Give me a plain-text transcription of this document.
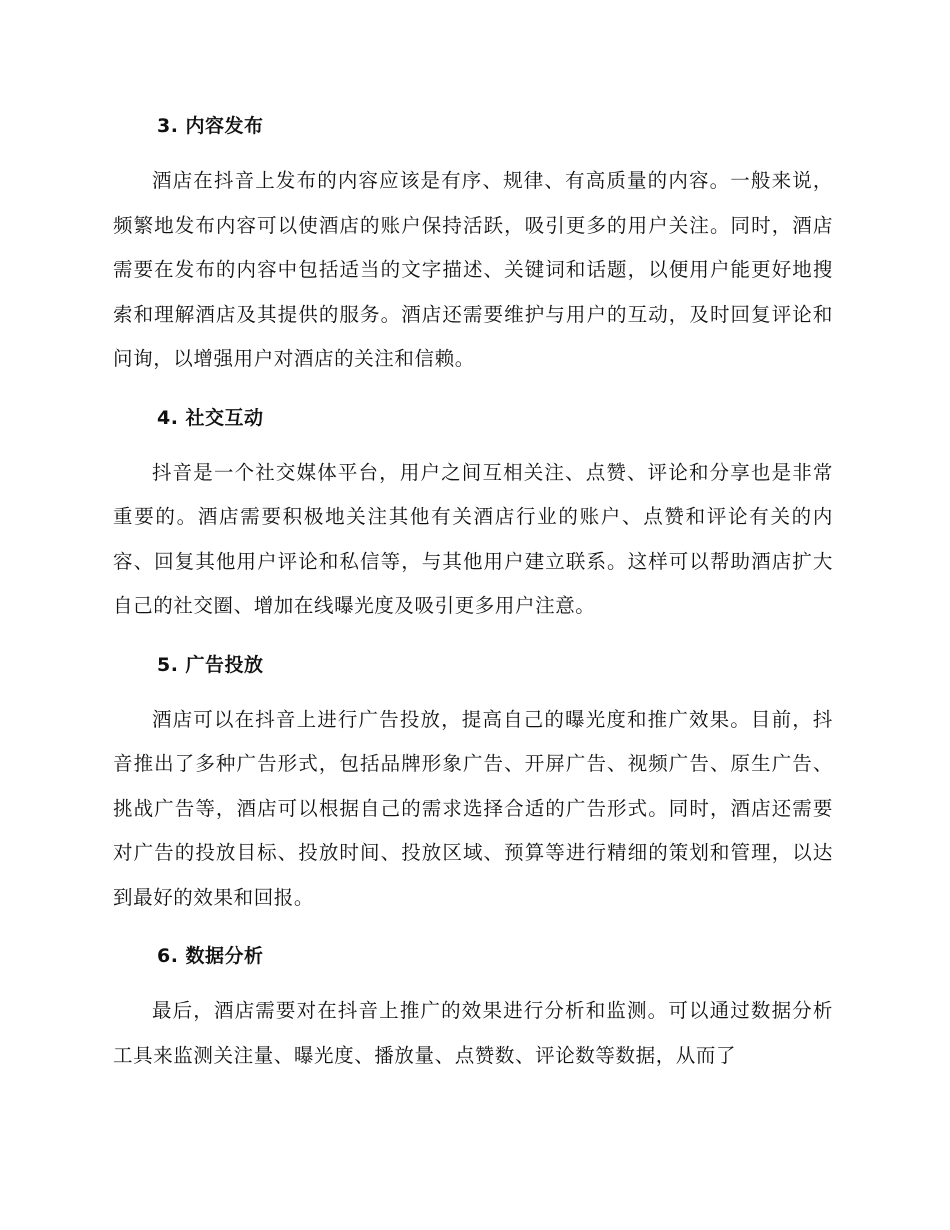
3. 内容发布

酒店在抖音上发布的内容应该是有序、规律、有高质量的内容。一般来说，频繁地发布内容可以使酒店的账户保持活跃，吸引更多的用户关注。同时，酒店需要在发布的内容中包括适当的文字描述、关键词和话题，以便用户能更好地搜索和理解酒店及其提供的服务。酒店还需要维护与用户的互动，及时回复评论和问询，以增强用户对酒店的关注和信赖。

4. 社交互动

抖音是一个社交媒体平台，用户之间互相关注、点赞、评论和分享也是非常重要的。酒店需要积极地关注其他有关酒店行业的账户、点赞和评论有关的内容、回复其他用户评论和私信等，与其他用户建立联系。这样可以帮助酒店扩大自己的社交圈、增加在线曝光度及吸引更多用户注意。

5. 广告投放

酒店可以在抖音上进行广告投放，提高自己的曝光度和推广效果。目前，抖音推出了多种广告形式，包括品牌形象广告、开屏广告、视频广告、原生广告、挑战广告等，酒店可以根据自己的需求选择合适的广告形式。同时，酒店还需要对广告的投放目标、投放时间、投放区域、预算等进行精细的策划和管理，以达到最好的效果和回报。

6. 数据分析

最后，酒店需要对在抖音上推广的效果进行分析和监测。可以通过数据分析工具来监测关注量、曝光度、播放量、点赞数、评论数等数据，从而了
